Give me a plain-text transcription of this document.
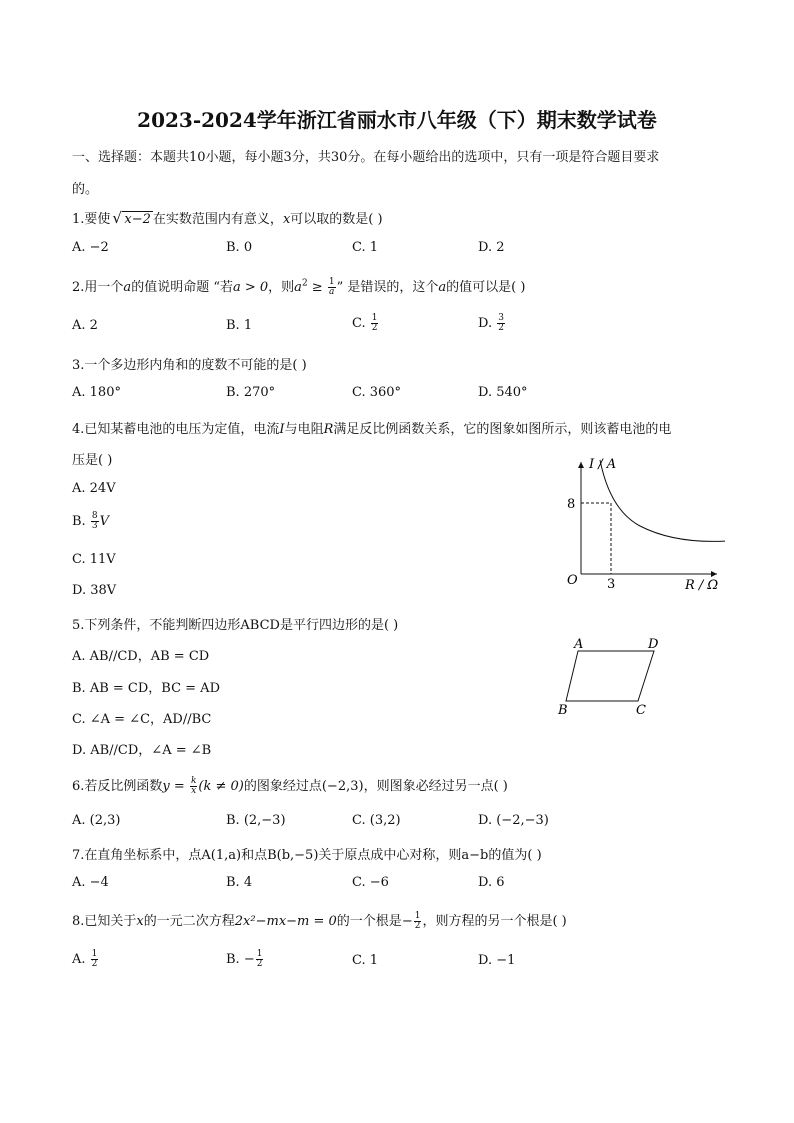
2023-2024学年浙江省丽水市八年级（下）期末数学试卷
一、选择题：本题共10小题，每小题3分，共30分。在每小题给出的选项中，只有一项是符合题目要求
的。
1.要使 √ x−2 在实数范围内有意义，x可以取的数是( )
A. −2	B. 0	C. 1	D. 2
2.用一个a的值说明命题 “若a > 0，则$a^2 \ge \frac{1}{a}$ ” 是错误的，这个a的值可以是( )
A. 2	B. 1	C. $\frac{1}{2}$	D. $\frac{3}{2}$
3.一个多边形内角和的度数不可能的是( )
A. 180°	B. 270°	C. 360°	D. 540°
4.已知某蓄电池的电压为定值，电流I与电阻R满足反比例函数关系，它的图象如图所示，则该蓄电池的电
压是( )
A. 24V
B. $\frac{8}{3}$ V
C. 11V
D. 38V
I / A
R / Ω
O
8
3
5.下列条件，不能判断四边形ABCD是平行四边形的是( )
A. AB//CD，AB = CD
B. AB = CD，BC = AD
C. ∠A = ∠C，AD//BC
D. AB//CD，∠A = ∠B
A	D
B	C
6.若反比例函数$y = \frac{k}{x} (k \ne 0)$的图象经过点(−2,3)，则图象必经过另一点( )
A. (2,3)	B. (2,−3)	C. (3,2)	D. (−2,−3)
7.在直角坐标系中，点A(1,a)和点B(b,−5)关于原点成中心对称，则a−b的值为( )
A. −4	B. 4	C. −6	D. 6
8.已知关于x的一元二次方程2x²−mx−m = 0的一个根是− $\frac{1}{2}$ ，则方程的另一个根是( )
A. $\frac{1}{2}$	B. − $\frac{1}{2}$	C. 1	D. −1
